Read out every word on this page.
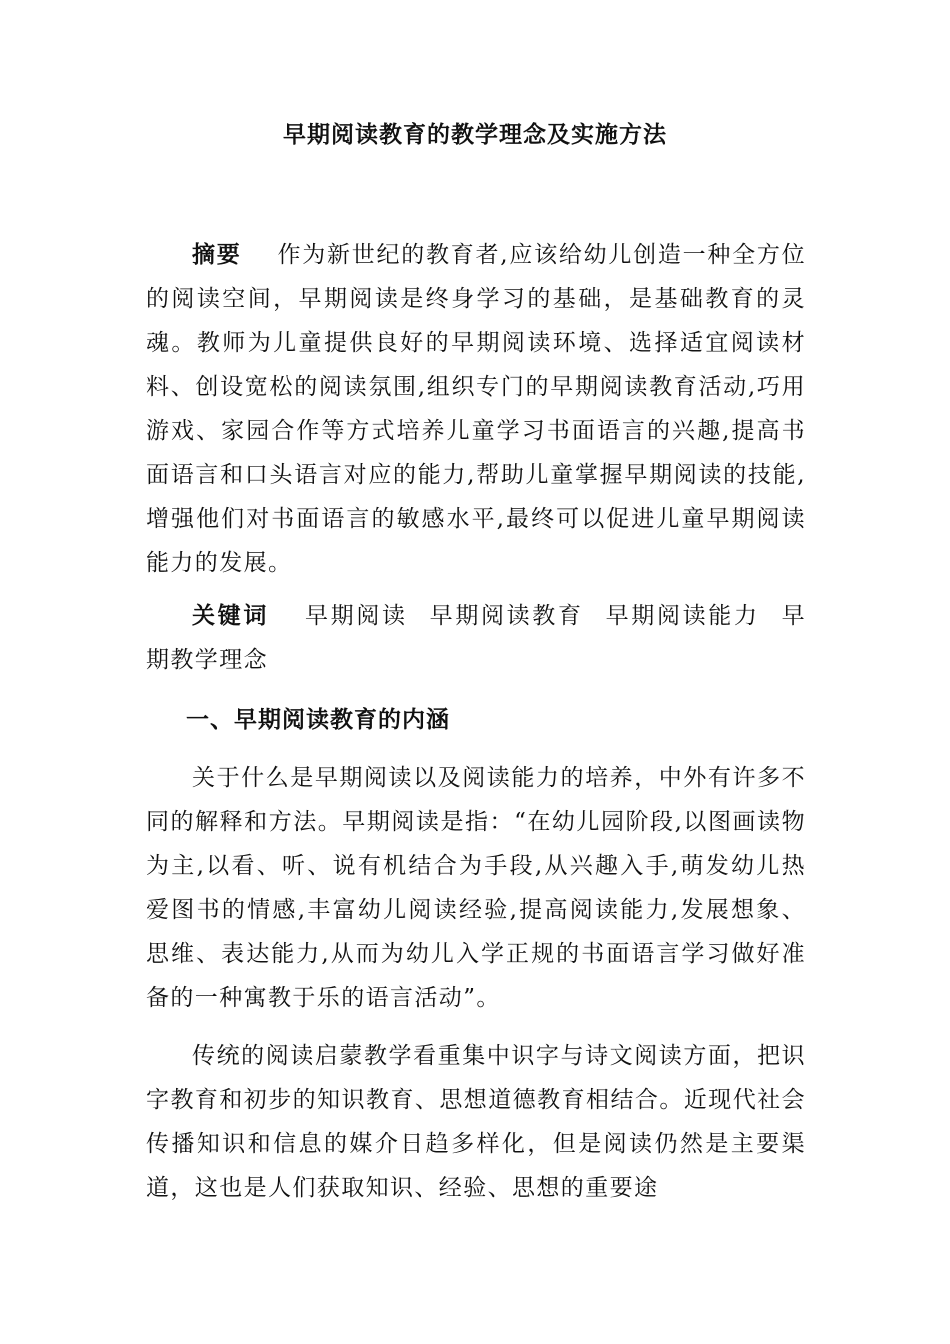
早期阅读教育的教学理念及实施方法
摘要 作为新世纪的教育者,应该给幼儿创造一种全方位的阅读空间，早期阅读是终身学习的基础，是基础教育的灵魂。教师为儿童提供良好的早期阅读环境、选择适宜阅读材料、创设宽松的阅读氛围,组织专门的早期阅读教育活动,巧用游戏、家园合作等方式培养儿童学习书面语言的兴趣,提高书面语言和口头语言对应的能力,帮助儿童掌握早期阅读的技能,增强他们对书面语言的敏感水平,最终可以促进儿童早期阅读能力的发展。
关键词 早期阅读 早期阅读教育 早期阅读能力 早期教学理念
一、早期阅读教育的内涵
关于什么是早期阅读以及阅读能力的培养，中外有许多不同的解释和方法。早期阅读是指：“在幼儿园阶段,以图画读物为主,以看、听、说有机结合为手段,从兴趣入手,萌发幼儿热爱图书的情感,丰富幼儿阅读经验,提高阅读能力,发展想象、思维、表达能力,从而为幼儿入学正规的书面语言学习做好准备的一种寓教于乐的语言活动”。
传统的阅读启蒙教学看重集中识字与诗文阅读方面，把识字教育和初步的知识教育、思想道德教育相结合。近现代社会传播知识和信息的媒介日趋多样化，但是阅读仍然是主要渠道，这也是人们获取知识、经验、思想的重要途
